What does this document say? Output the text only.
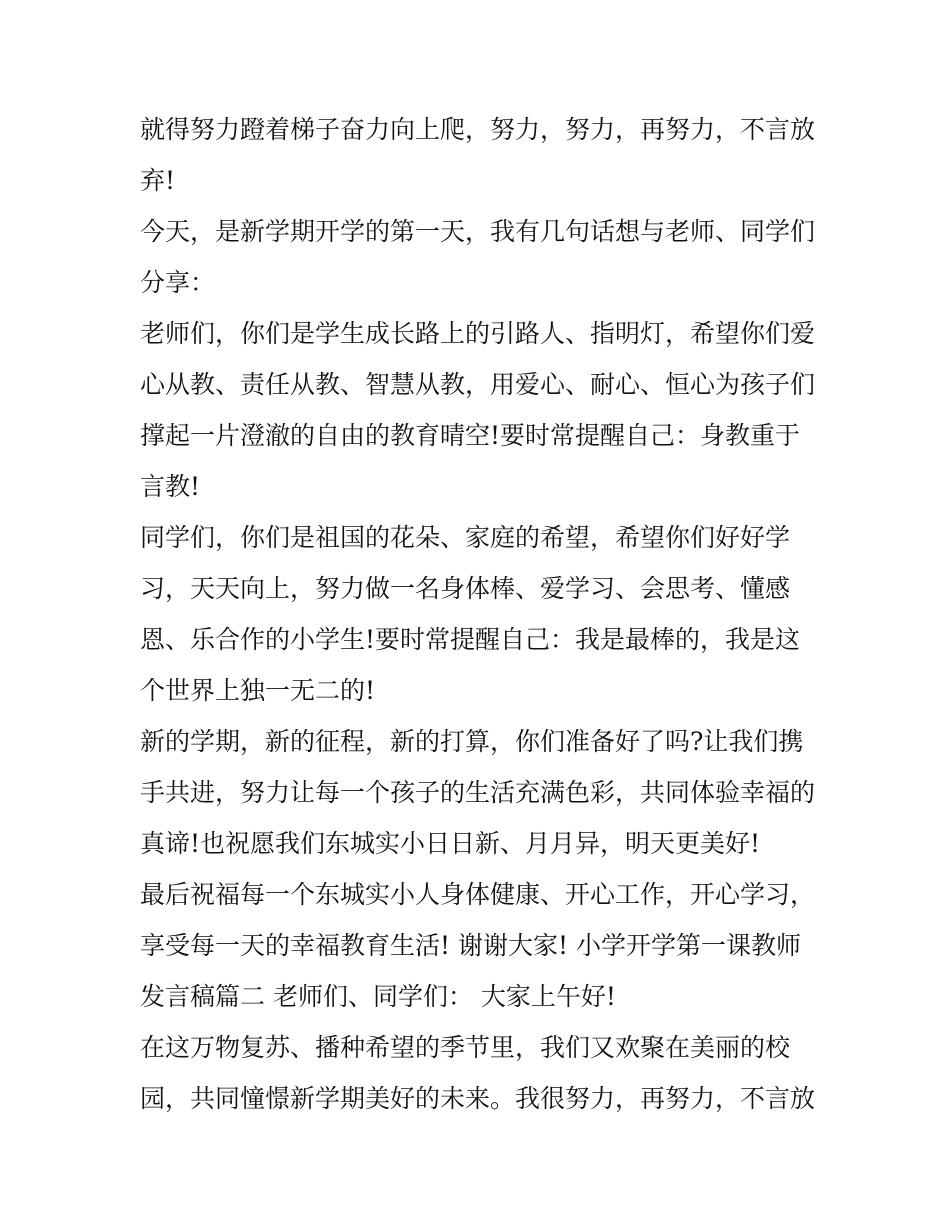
就得努力蹬着梯子奋力向上爬，努力，努力，再努力，不言放
弃!
今天，是新学期开学的第一天，我有几句话想与老师、同学们
分享：
老师们，你们是学生成长路上的引路人、指明灯，希望你们爱
心从教、责任从教、智慧从教，用爱心、耐心、恒心为孩子们
撑起一片澄澈的自由的教育晴空!要时常提醒自己：身教重于
言教!
同学们，你们是祖国的花朵、家庭的希望，希望你们好好学
习，天天向上，努力做一名身体棒、爱学习、会思考、懂感
恩、乐合作的小学生!要时常提醒自己：我是最棒的，我是这
个世界上独一无二的!
新的学期，新的征程，新的打算，你们准备好了吗?让我们携
手共进，努力让每一个孩子的生活充满色彩，共同体验幸福的
真谛!也祝愿我们东城实小日日新、月月异，明天更美好!
最后祝福每一个东城实小人身体健康、开心工作，开心学习，
享受每一天的幸福教育生活! 谢谢大家! 小学开学第一课教师
发言稿篇二 老师们、同学们： 大家上午好!
在这万物复苏、播种希望的季节里，我们又欢聚在美丽的校
园，共同憧憬新学期美好的未来。我很努力，再努力，不言放
